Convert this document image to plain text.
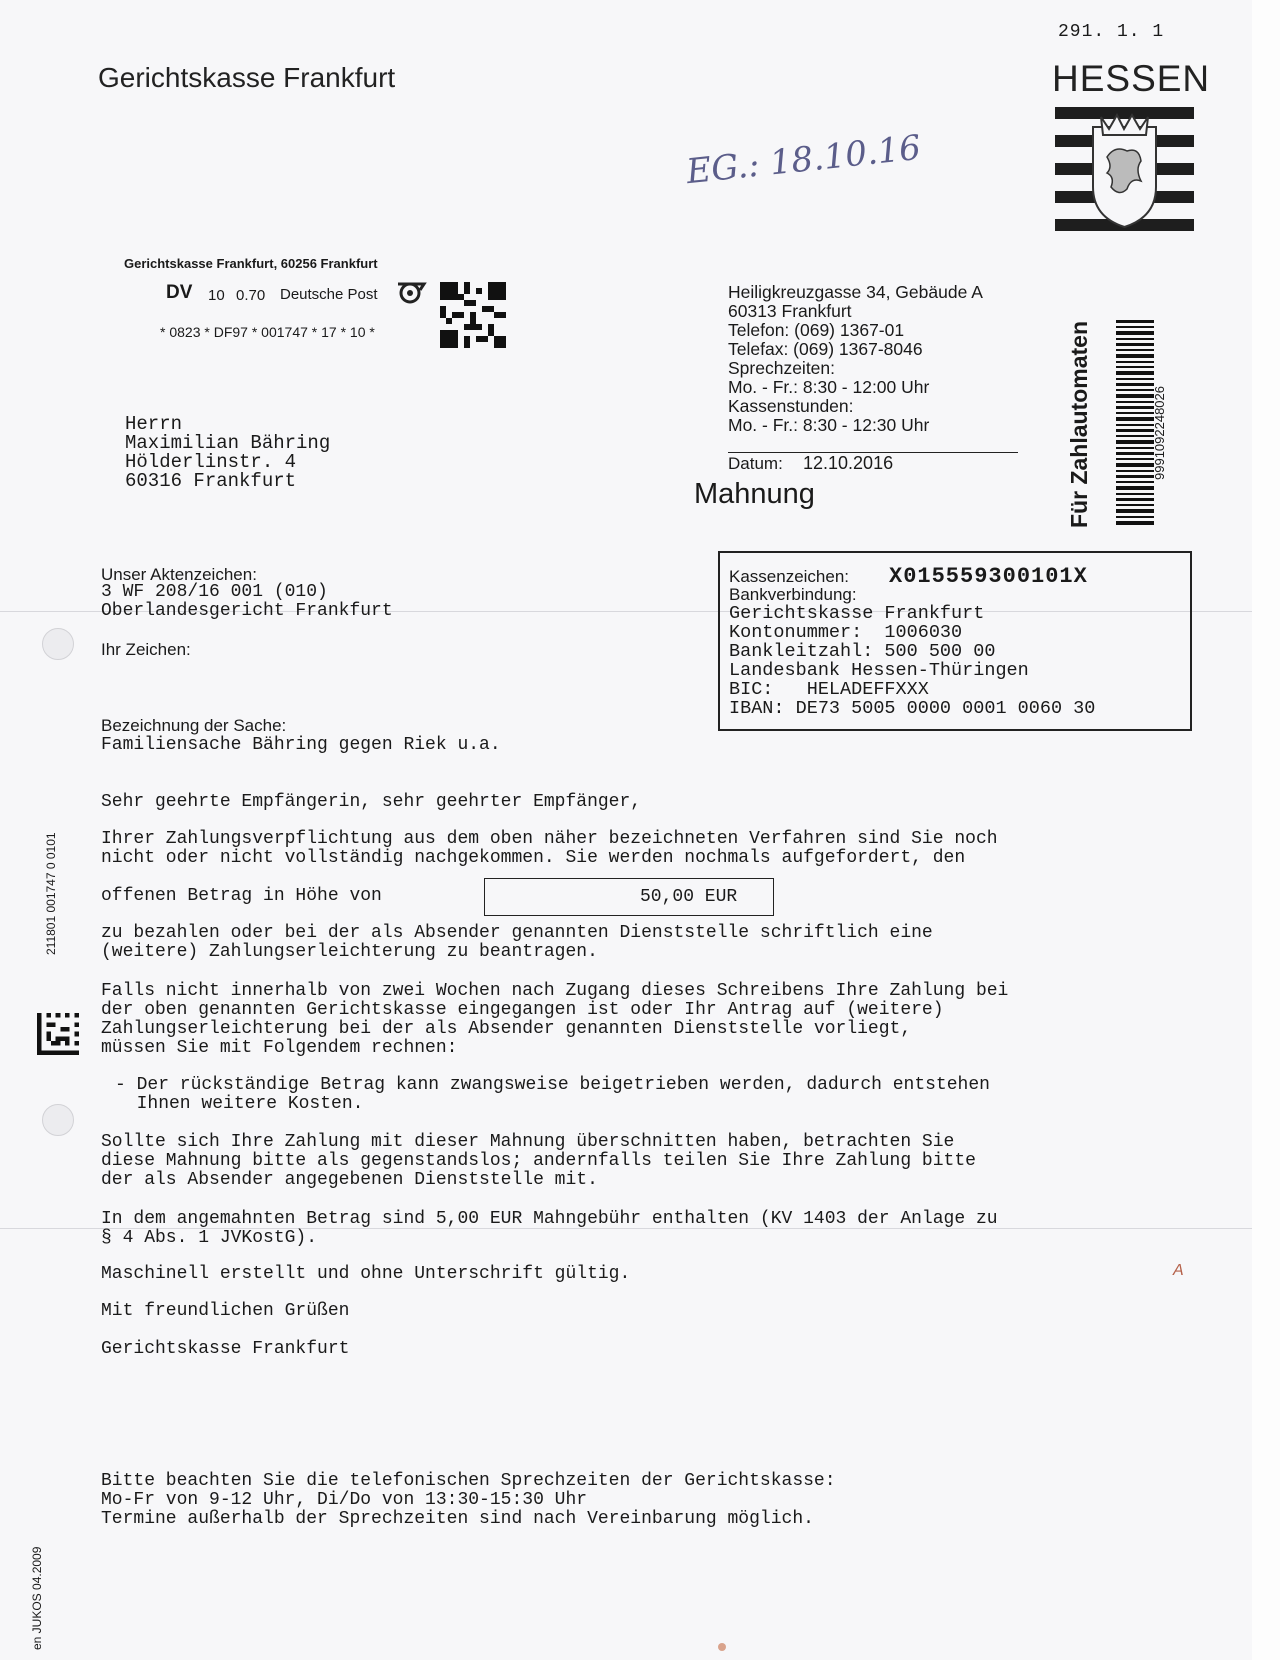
291. 1. 1
Gerichtskasse Frankfurt	HESSEN
EG.: 18.10.16
Gerichtskasse Frankfurt, 60256 Frankfurt
DV 10 0.70 Deutsche Post
* 0823 * DF97 * 001747 * 17 * 10 *
Herrn
Maximilian Bähring
Hölderlinstr. 4
60316 Frankfurt
Heiligkreuzgasse 34, Gebäude A
60313 Frankfurt
Telefon: (069) 1367-01
Telefax: (069) 1367-8046
Sprechzeiten:
Mo. - Fr.: 8:30 - 12:00 Uhr
Kassenstunden:
Mo. - Fr.: 8:30 - 12:30 Uhr
Datum: 12.10.2016
Mahnung	Für Zahlautomaten	9991092248026
Unser Aktenzeichen:
3 WF 208/16 001 (010)
Oberlandesgericht Frankfurt
Ihr Zeichen:
Bezeichnung der Sache:
Familiensache Bähring gegen Riek u.a.
Kassenzeichen: X015559300101X
Bankverbindung:
Gerichtskasse Frankfurt
Kontonummer:  1006030
Bankleitzahl: 500 500 00
Landesbank Hessen-Thüringen
BIC:   HELADEFFXXX
IBAN: DE73 5005 0000 0001 0060 30
Sehr geehrte Empfängerin, sehr geehrter Empfänger,
Ihrer Zahlungsverpflichtung aus dem oben näher bezeichneten Verfahren sind Sie noch
nicht oder nicht vollständig nachgekommen. Sie werden nochmals aufgefordert, den
offenen Betrag in Höhe von	50,00 EUR
zu bezahlen oder bei der als Absender genannten Dienststelle schriftlich eine
(weitere) Zahlungserleichterung zu beantragen.
Falls nicht innerhalb von zwei Wochen nach Zugang dieses Schreibens Ihre Zahlung bei
der oben genannten Gerichtskasse eingegangen ist oder Ihr Antrag auf (weitere)
Zahlungserleichterung bei der als Absender genannten Dienststelle vorliegt,
müssen Sie mit Folgendem rechnen:
- Der rückständige Betrag kann zwangsweise beigetrieben werden, dadurch entstehen
Ihnen weitere Kosten.
Sollte sich Ihre Zahlung mit dieser Mahnung überschnitten haben, betrachten Sie
diese Mahnung bitte als gegenstandslos; andernfalls teilen Sie Ihre Zahlung bitte
der als Absender angegebenen Dienststelle mit.
In dem angemahnten Betrag sind 5,00 EUR Mahngebühr enthalten (KV 1403 der Anlage zu
§ 4 Abs. 1 JVKostG).
Maschinell erstellt und ohne Unterschrift gültig.
Mit freundlichen Grüßen
Gerichtskasse Frankfurt
Bitte beachten Sie die telefonischen Sprechzeiten der Gerichtskasse:
Mo-Fr von 9-12 Uhr, Di/Do von 13:30-15:30 Uhr
Termine außerhalb der Sprechzeiten sind nach Vereinbarung möglich.
211801 001747 0 0101
en JUKOS 04.2009
A
